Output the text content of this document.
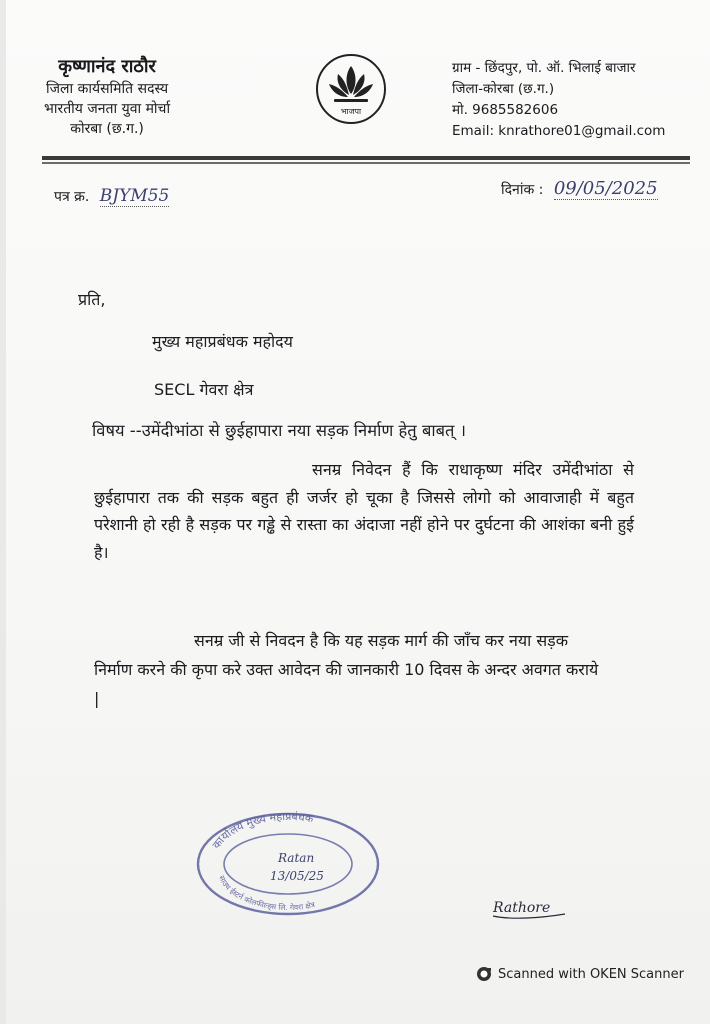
कृष्णानंद राठौर
जिला कार्यसमिति सदस्य
भारतीय जनता युवा मोर्चा
कोरबा (छ.ग.)
भाजपा
ग्राम - छिंदपुर, पो. ऑ. भिलाई बाजार
जिला-कोरबा (छ.ग.)
मो. 9685582606
Email: knrathore01@gmail.com
पत्र क्र. BJYM55	दिनांक : 09/05/2025
प्रति,
मुख्य महाप्रबंधक महोदय
SECL गेवरा क्षेत्र
विषय --उमेंदीभांठा से छुईहापारा नया सड़क निर्माण हेतु बाबत् ।
सनम्र निवेदन हैं कि राधाकृष्ण मंदिर उमेंदीभांठा से छुईहापारा तक की सड़क बहुत ही जर्जर हो चूका है जिससे लोगो को आवाजाही में बहुत परेशानी हो रही है सड़क पर गड्ढे से रास्ता का अंदाजा नहीं होने पर दुर्घटना की आशंका बनी हुई है।
सनम्र जी से निवदन है कि यह सड़क मार्ग की जाँच कर नया सड़क निर्माण करने की कृपा करे उक्त आवेदन की जानकारी 10 दिवस के अन्दर अवगत कराये |
कार्यालय मुख्य महाप्रबंधक
साउथ ईस्टर्न कोलफील्ड्स लि. गेवरा क्षेत्र
Ratan
13/05/25
Rathore
Scanned with OKEN Scanner
